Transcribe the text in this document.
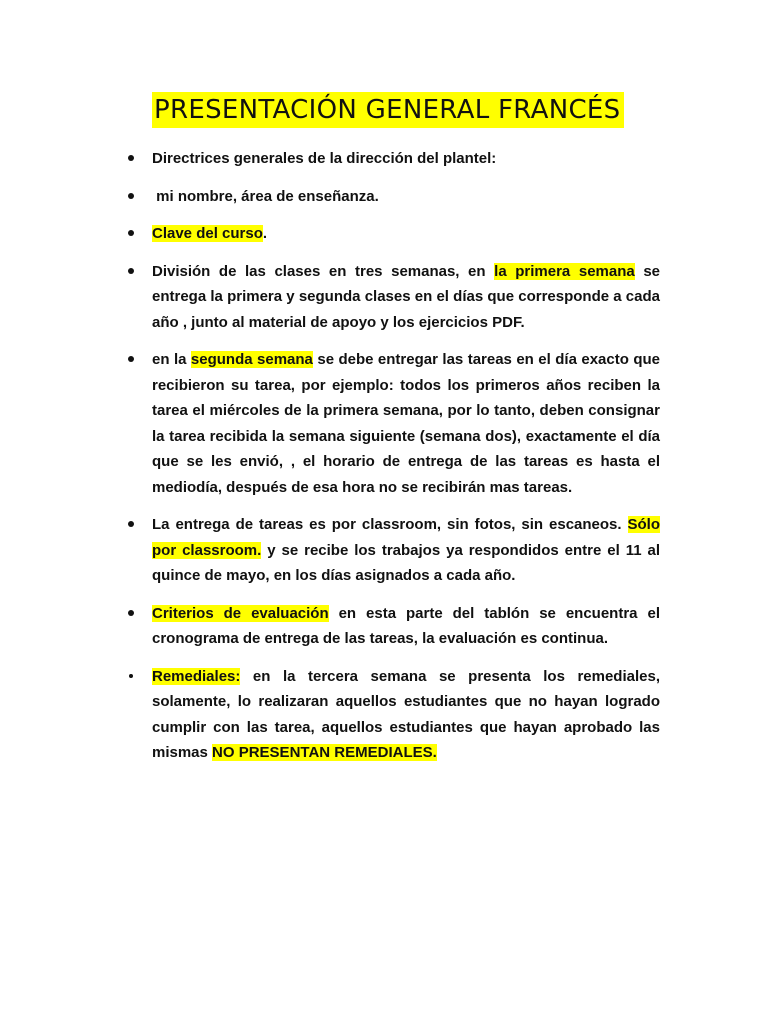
PRESENTACIÓN GENERAL FRANCÉS
Directrices generales de la dirección del plantel:
mi nombre, área de enseñanza.
Clave del curso.
División de las clases en tres semanas, en la primera semana se entrega la primera y segunda clases en el días que corresponde a cada año , junto al material de apoyo y los ejercicios PDF.
en la segunda semana se debe entregar las tareas en el día exacto que recibieron su tarea, por ejemplo: todos los primeros años reciben la tarea el miércoles de la primera semana, por lo tanto, deben consignar la tarea recibida la semana siguiente (semana dos), exactamente el día que se les envió, , el horario de entrega de las tareas es hasta el mediodía, después de esa hora no se recibirán mas tareas.
La entrega de tareas es por classroom, sin fotos, sin escaneos. Sólo por classroom. y se recibe los trabajos ya respondidos entre el 11 al quince de mayo, en los días asignados a cada año.
Criterios de evaluación en esta parte del tablón se encuentra el cronograma de entrega de las tareas, la evaluación es continua.
Remediales: en la tercera semana se presenta los remediales, solamente, lo realizaran aquellos estudiantes que no hayan logrado cumplir con las tarea, aquellos estudiantes que hayan aprobado las mismas NO PRESENTAN REMEDIALES.
